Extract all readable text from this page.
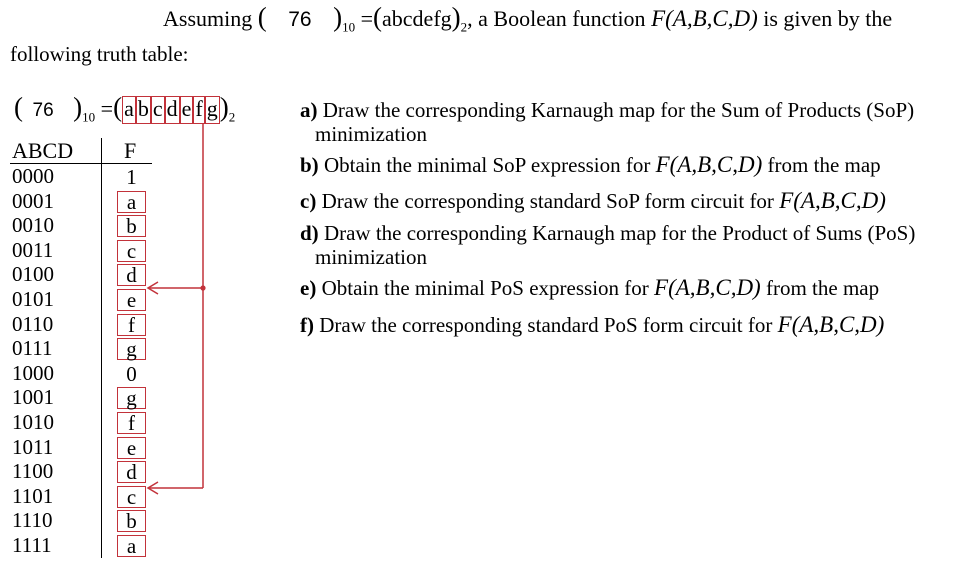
Assuming ( 76 )$_{10}$ $=(abcdefg)_2$, a Boolean function F(A,B,C,D) is given by the
following truth table:
( 76 )$_{10} =(a$ b c d e f $g)_2$
ABCD F
0000	1
0001	a
0010	b
0011	c
0100	d
0101	e
0110	f
0111	g
1000	0
1001	g
1010	f
1011	e
1100	d
1101	c
1110	b
1111	a
a) Draw the corresponding Karnaugh map for the Sum of Products (SoP)
minimization
b) Obtain the minimal SoP expression for F(A,B,C,D) from the map
c) Draw the corresponding standard SoP form circuit for F(A,B,C,D)
d) Draw the corresponding Karnaugh map for the Product of Sums (PoS)
minimization
e) Obtain the minimal PoS expression for F(A,B,C,D) from the map
f) Draw the corresponding standard PoS form circuit for F(A,B,C,D)
